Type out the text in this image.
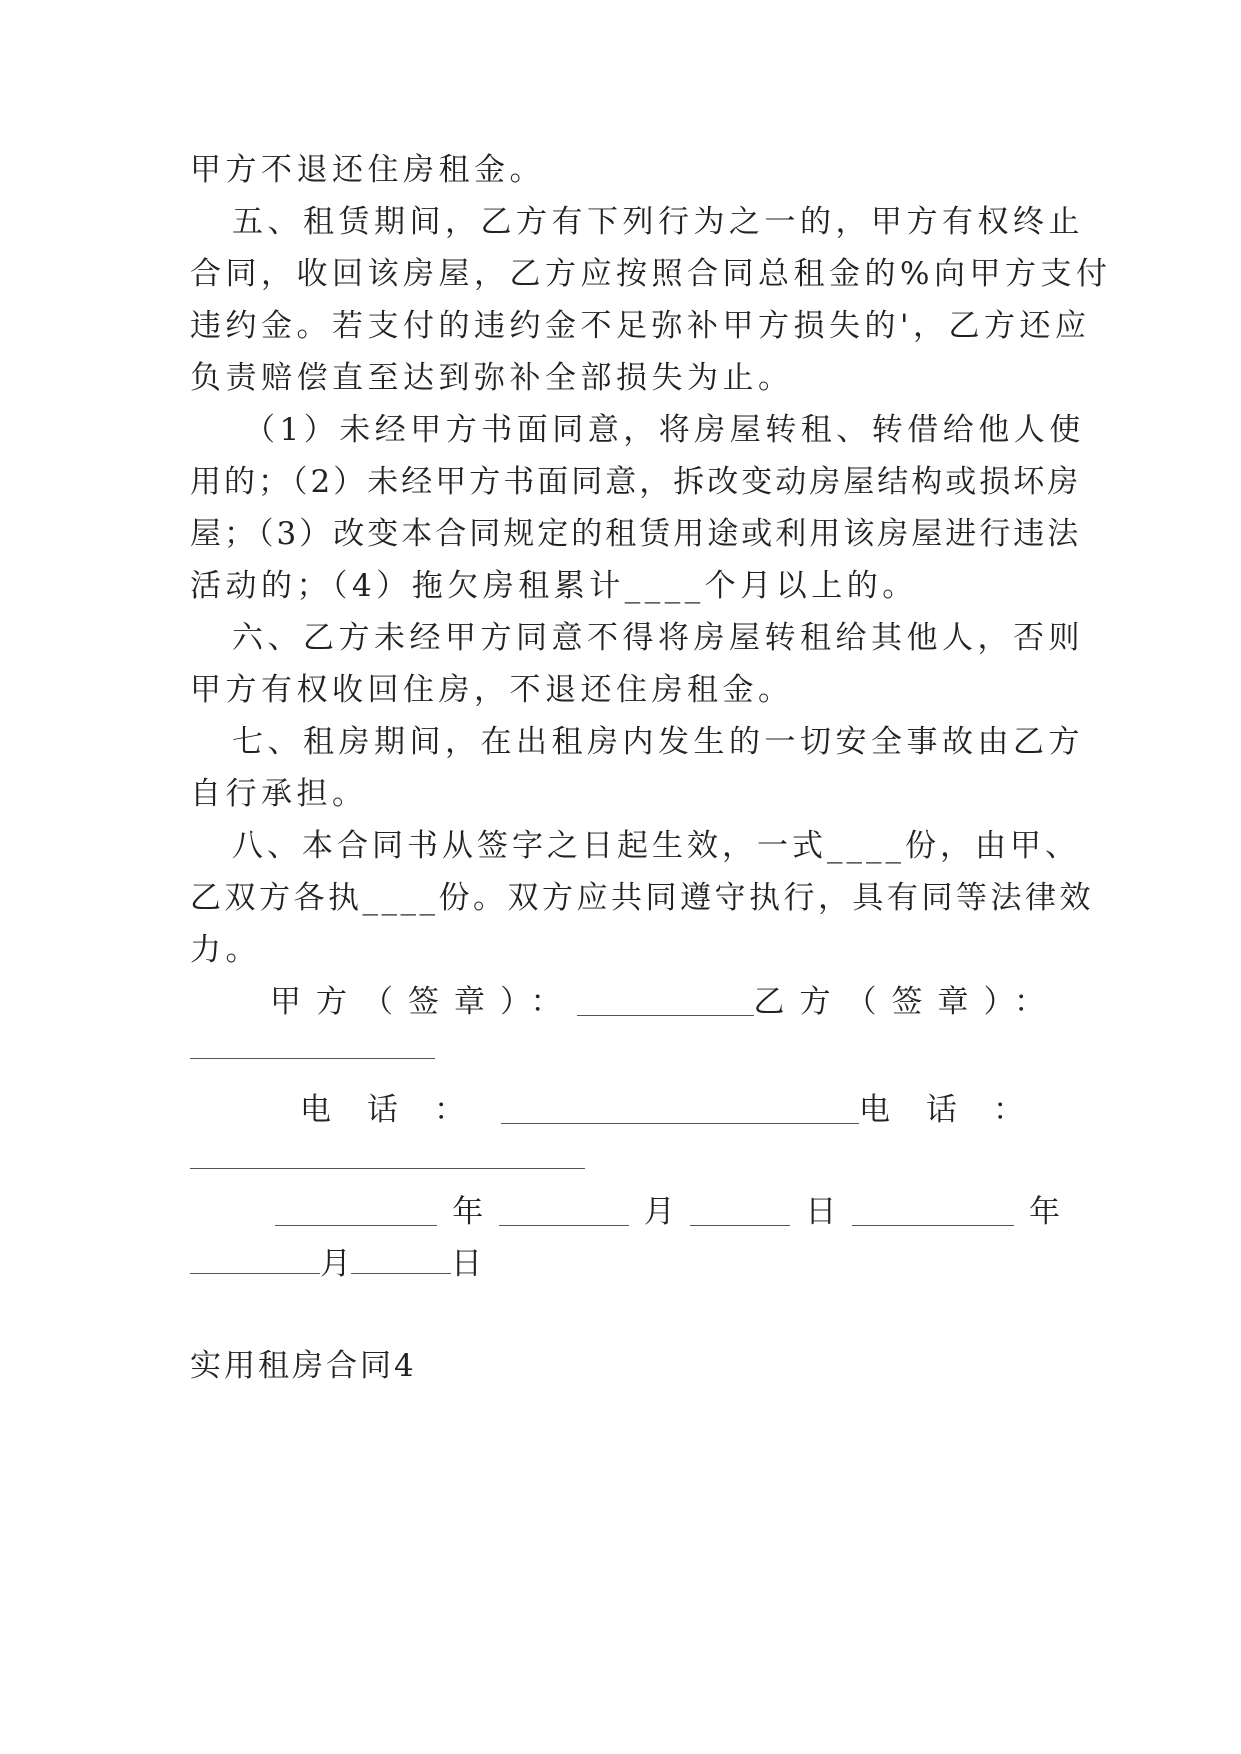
甲方不退还住房租金。
五、租赁期间，乙方有下列行为之一的，甲方有权终止
合同，收回该房屋，乙方应按照合同总租金的%向甲方支付
违约金。若支付的违约金不足弥补甲方损失的'，乙方还应
负责赔偿直至达到弥补全部损失为止。
（1）未经甲方书面同意，将房屋转租、转借给他人使
用的；（2）未经甲方书面同意，拆改变动房屋结构或损坏房
屋；（3）改变本合同规定的租赁用途或利用该房屋进行违法
活动的；（4）拖欠房租累计____个月以上的。
六、乙方未经甲方同意不得将房屋转租给其他人，否则
甲方有权收回住房，不退还住房租金。
七、租房期间，在出租房内发生的一切安全事故由乙方
自行承担。
八、本合同书从签字之日起生效，一式____份，由甲、
乙双方各执____份。双方应共同遵守执行，具有同等法律效
力。
甲方（签章）：	乙方（签章）：
电话：	电话：
年	月	日	年
月	日
实用租房合同4
